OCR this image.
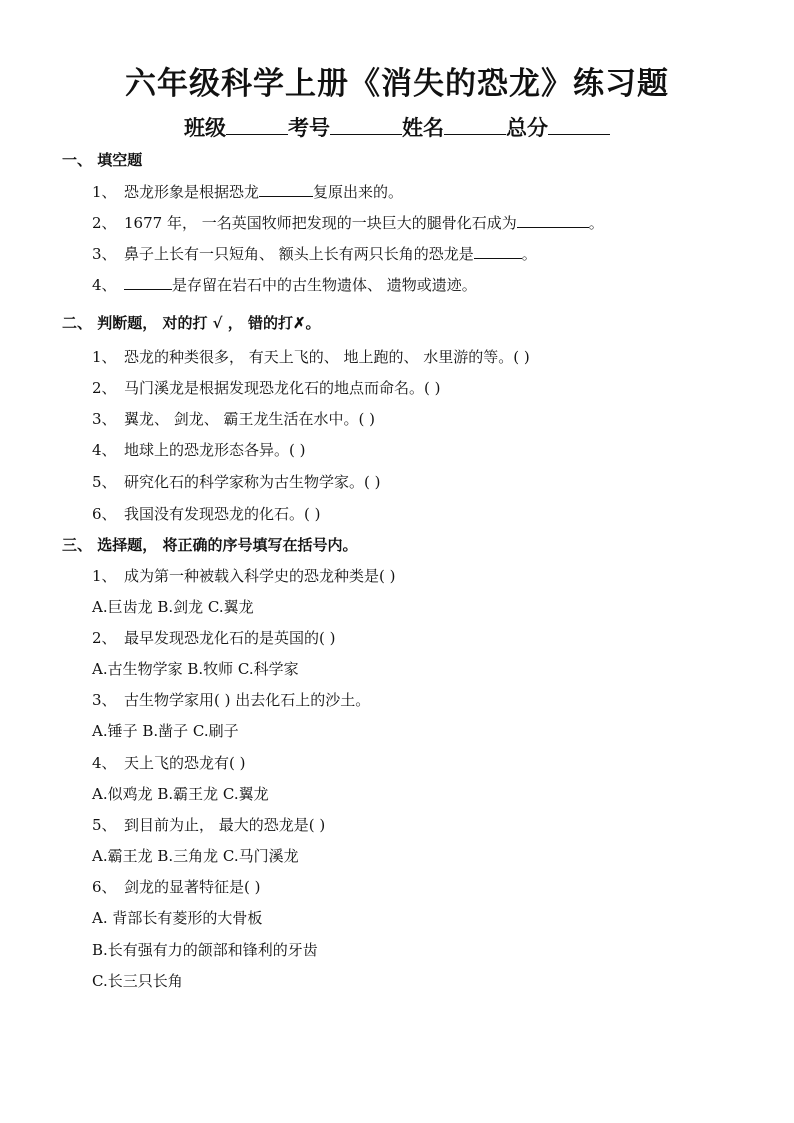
六年级科学上册《消失的恐龙》练习题
班级	考号	姓名	总分
一、 填空题
1、 恐龙形象是根据恐龙	复原出来的。
2、 1677 年， 一名英国牧师把发现的一块巨大的腿骨化石成为	。
3、 鼻子上长有一只短角、 额头上长有两只长角的恐龙是	。
4、	是存留在岩石中的古生物遗体、 遗物或遗迹。
二、 判断题， 对的打 √ ， 错的打✗。
1、 恐龙的种类很多， 有天上飞的、 地上跑的、 水里游的等。( )
2、 马门溪龙是根据发现恐龙化石的地点而命名。( )
3、 翼龙、 剑龙、 霸王龙生活在水中。( )
4、 地球上的恐龙形态各异。( )
5、 研究化石的科学家称为古生物学家。( )
6、 我国没有发现恐龙的化石。( )
三、 选择题， 将正确的序号填写在括号内。
1、 成为第一种被载入科学史的恐龙种类是( )
A.巨齿龙 B.剑龙 C.翼龙
2、 最早发现恐龙化石的是英国的( )
A.古生物学家 B.牧师 C.科学家
3、 古生物学家用( ) 出去化石上的沙土。
A.锤子 B.凿子 C.刷子
4、 天上飞的恐龙有( )
A.似鸡龙 B.霸王龙 C.翼龙
5、 到目前为止， 最大的恐龙是( )
A.霸王龙 B.三角龙 C.马门溪龙
6、 剑龙的显著特征是( )
A. 背部长有菱形的大骨板
B.长有强有力的颌部和锋利的牙齿
C.长三只长角
